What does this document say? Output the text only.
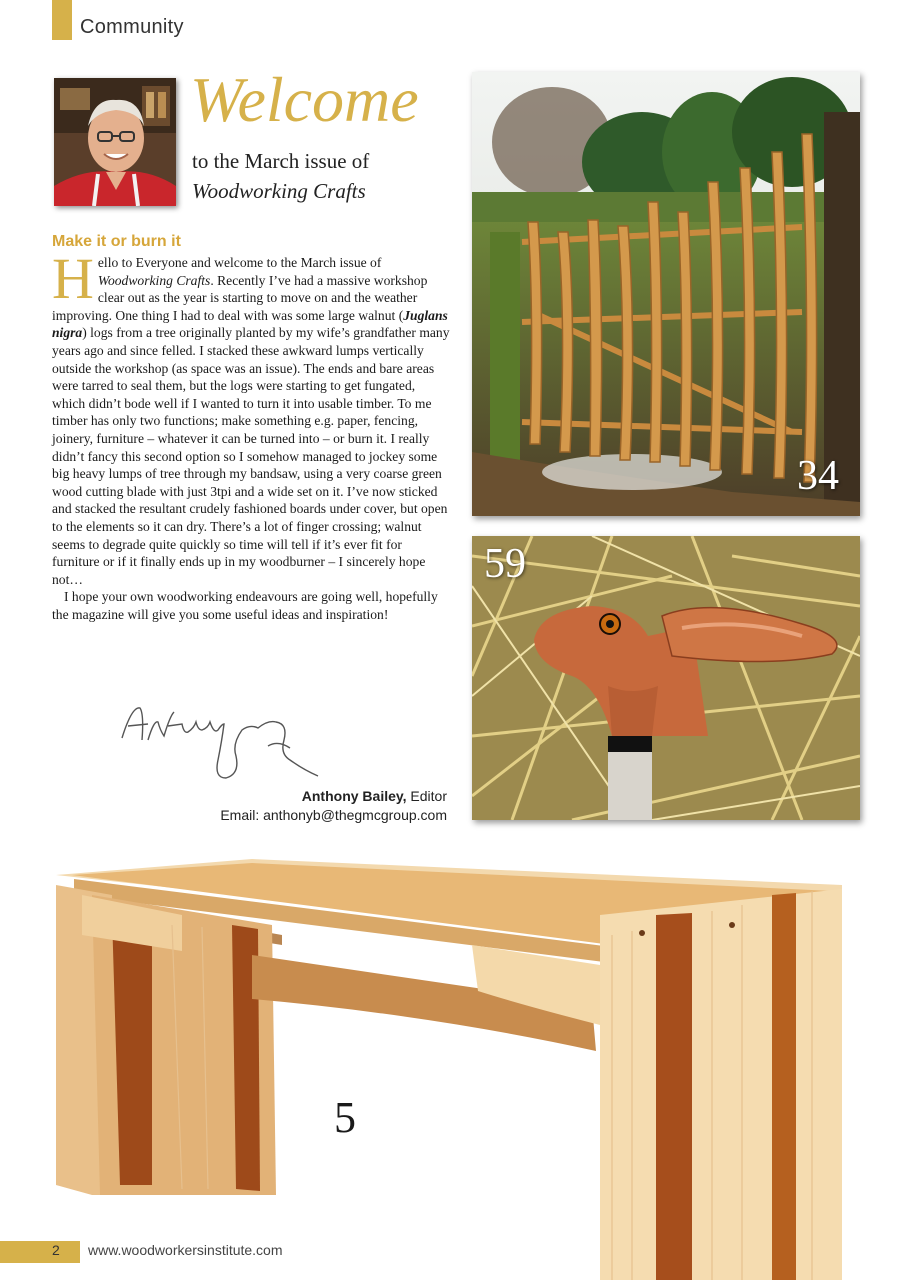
Community
Welcome
to the March issue of
Woodworking Crafts
Make it or burn it

Hello to Everyone and welcome to the March issue of Woodworking Crafts. Recently I’ve had a massive workshop clear out as the year is starting to move on and the weather improving. One thing I had to deal with was some large walnut (Juglans nigra) logs from a tree originally planted by my wife’s grandfather many years ago and since felled. I stacked these awkward lumps vertically outside the workshop (as space was an issue). The ends and bare areas were tarred to seal them, but the logs were starting to get fungated, which didn’t bode well if I wanted to turn it into usable timber. To me timber has only two functions; make something e.g. paper, fencing, joinery, furniture – whatever it can be turned into – or burn it. I really didn’t fancy this second option so I somehow managed to jockey some big heavy lumps of tree through my bandsaw, using a very coarse green wood cutting blade with just 3tpi and a wide set on it. I’ve now sticked and stacked the resultant crudely fashioned boards under cover, but open to the elements so it can dry. There’s a lot of finger crossing; walnut seems to degrade quite quickly so time will tell if it’s ever fit for furniture or if it finally ends up in my woodburner – I sincerely hope not…

I hope your own woodworking endeavours are going well, hopefully the magazine will give you some useful ideas and inspiration!

Anthony Bailey, Editor
Email: anthonyb@thegmcgroup.com
34
59
5
2 www.woodworkersinstitute.com
